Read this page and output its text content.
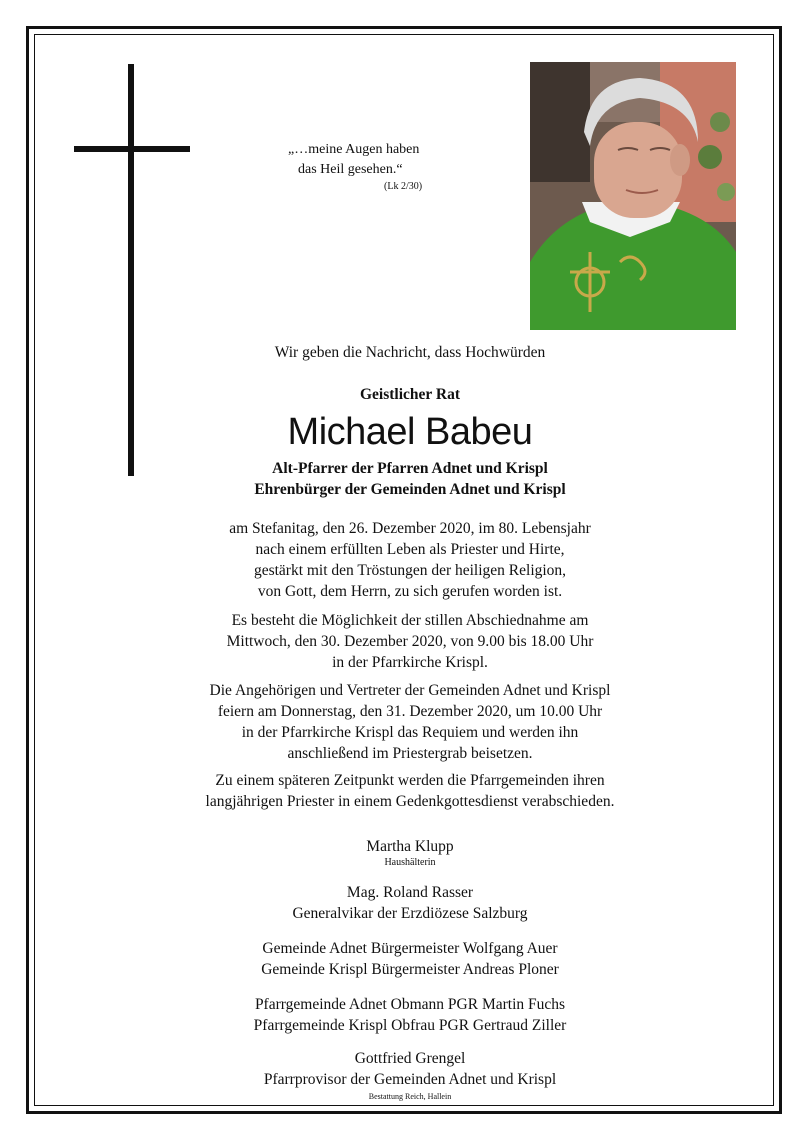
„…meine Augen haben
das Heil gesehen.“
(Lk 2/30)
Wir geben die Nachricht, dass Hochwürden
Geistlicher Rat
Michael Babeu
Alt-Pfarrer der Pfarren Adnet und Krispl
Ehrenbürger der Gemeinden Adnet und Krispl
am Stefanitag, den 26. Dezember 2020, im 80. Lebensjahr
nach einem erfüllten Leben als Priester und Hirte,
gestärkt mit den Tröstungen der heiligen Religion,
von Gott, dem Herrn, zu sich gerufen worden ist.
Es besteht die Möglichkeit der stillen Abschiednahme am
Mittwoch, den 30. Dezember 2020, von 9.00 bis 18.00 Uhr
in der Pfarrkirche Krispl.
Die Angehörigen und Vertreter der Gemeinden Adnet und Krispl
feiern am Donnerstag, den 31. Dezember 2020, um 10.00 Uhr
in der Pfarrkirche Krispl das Requiem und werden ihn
anschließend im Priestergrab beisetzen.
Zu einem späteren Zeitpunkt werden die Pfarrgemeinden ihren
langjährigen Priester in einem Gedenkgottesdienst verabschieden.
Martha Klupp
Haushälterin
Mag. Roland Rasser
Generalvikar der Erzdiözese Salzburg
Gemeinde Adnet Bürgermeister Wolfgang Auer
Gemeinde Krispl Bürgermeister Andreas Ploner
Pfarrgemeinde Adnet Obmann PGR Martin Fuchs
Pfarrgemeinde Krispl Obfrau PGR Gertraud Ziller
Gottfried Grengel
Pfarrprovisor der Gemeinden Adnet und Krispl
Bestattung Reich, Hallein
